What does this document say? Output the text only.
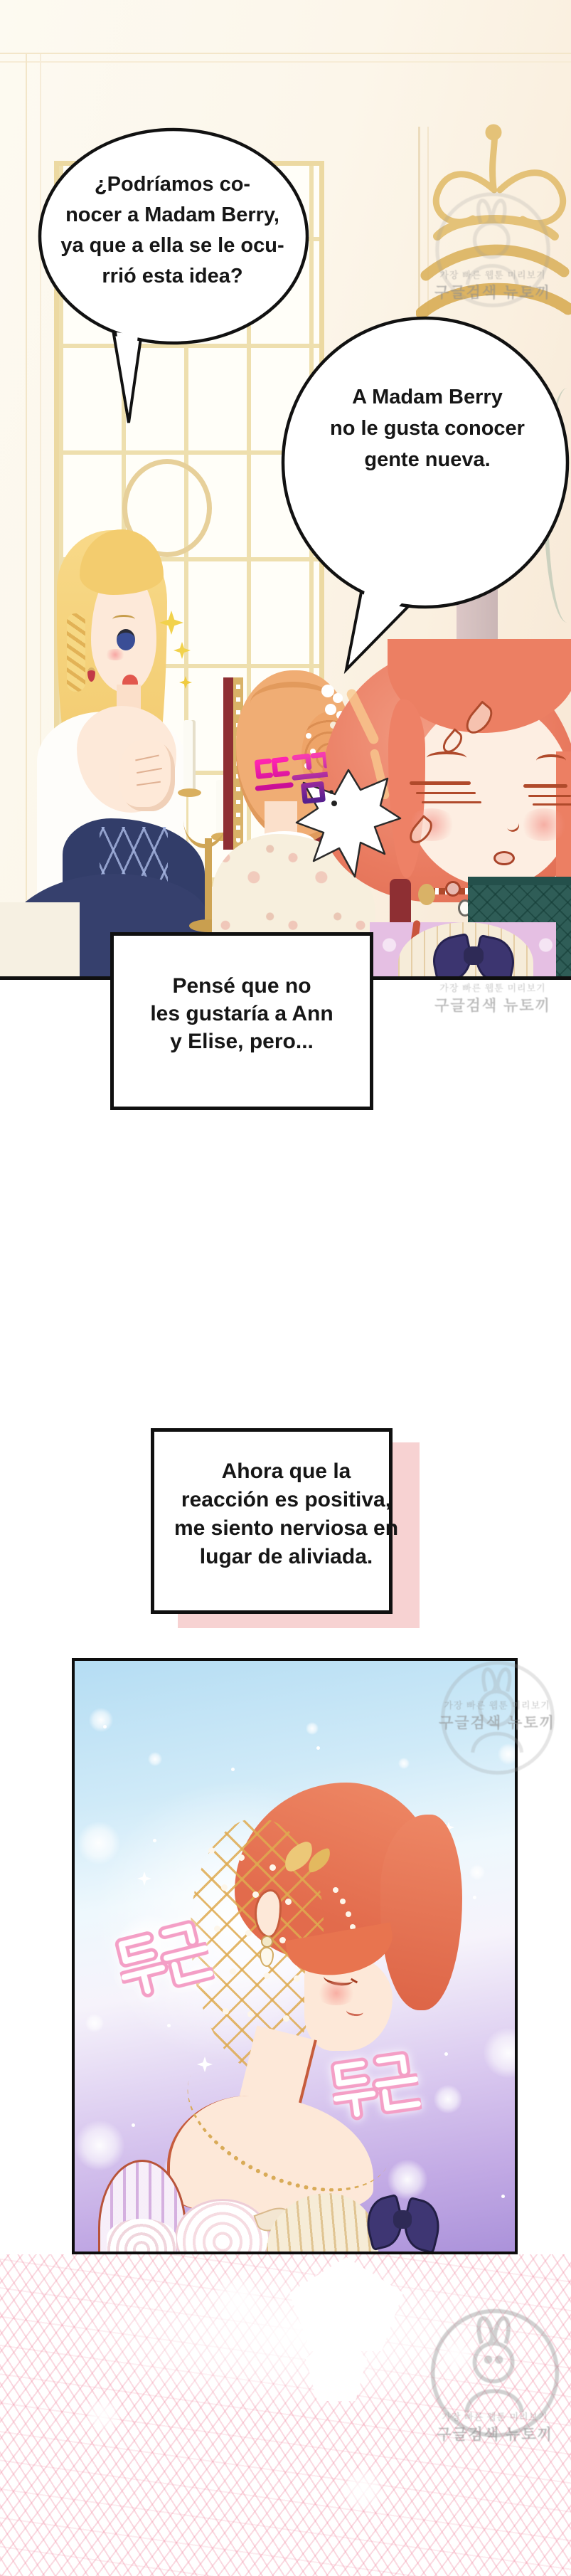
¿Podríamos co-
nocer a Madam Berry,
ya que a ella se le ocu-
rrió esta idea?
A Madam Berry
no le gusta conocer
gente nueva.
가장 빠른 웹툰 미리보기
구글검색 뉴토끼
Pensé que no
les gustaría a Ann
y Elise, pero...
가장 빠른 웹툰 미리보기
구글검색 뉴토끼
Ahora que la
reacción es positiva,
me siento nerviosa en
lugar de aliviada.
가장 빠른 웹툰 미리보기
구글검색 뉴토끼
가장 빠른 웹툰 미리보기
구글검색 뉴토끼
